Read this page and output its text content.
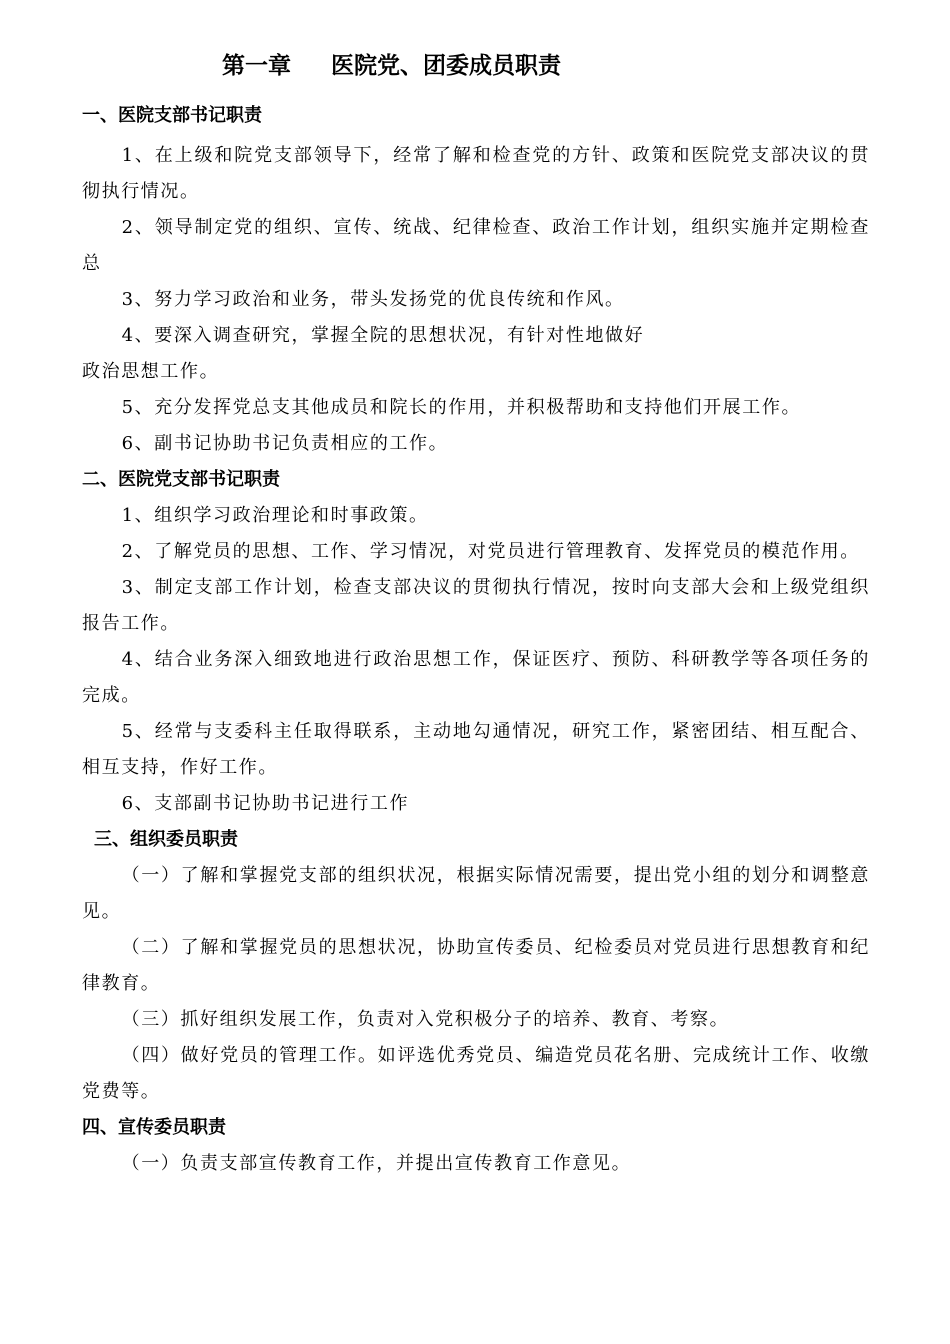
第一章     医院党、团委成员职责
一、医院支部书记职责

1、在上级和院党支部领导下，经常了解和检查党的方针、政策和医院党支部决议的贯彻执行情况。

2、领导制定党的组织、宣传、统战、纪律检查、政治工作计划，组织实施并定期检查总

3、努力学习政治和业务，带头发扬党的优良传统和作风。

4、要深入调查研究，掌握全院的思想状况，有针对性地做好

政治思想工作。

5、充分发挥党总支其他成员和院长的作用，并积极帮助和支持他们开展工作。

6、副书记协助书记负责相应的工作。

二、医院党支部书记职责

1、组织学习政治理论和时事政策。

2、了解党员的思想、工作、学习情况，对党员进行管理教育、发挥党员的模范作用。

3、制定支部工作计划，检查支部决议的贯彻执行情况，按时向支部大会和上级党组织报告工作。

4、结合业务深入细致地进行政治思想工作，保证医疗、预防、科研教学等各项任务的完成。

5、经常与支委科主任取得联系，主动地勾通情况，研究工作，紧密团结、相互配合、相互支持，作好工作。

6、支部副书记协助书记进行工作

三、组织委员职责

（一）了解和掌握党支部的组织状况，根据实际情况需要，提出党小组的划分和调整意见。

（二）了解和掌握党员的思想状况，协助宣传委员、纪检委员对党员进行思想教育和纪律教育。

（三）抓好组织发展工作，负责对入党积极分子的培养、教育、考察。

（四）做好党员的管理工作。如评选优秀党员、编造党员花名册、完成统计工作、收缴党费等。

四、宣传委员职责

（一）负责支部宣传教育工作，并提出宣传教育工作意见。
